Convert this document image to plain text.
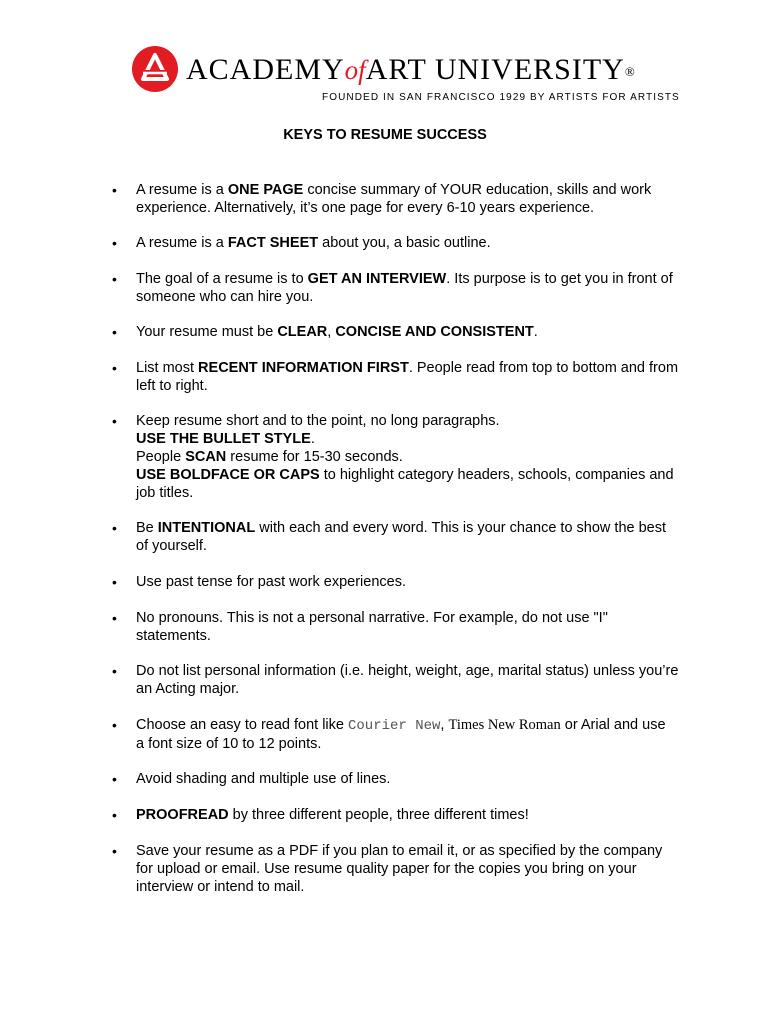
ACADEMYofART UNIVERSITY®
FOUNDED IN SAN FRANCISCO 1929 BY ARTISTS FOR ARTISTS
KEYS TO RESUME SUCCESS
• A resume is a ONE PAGE concise summary of YOUR education, skills and work
experience. Alternatively, it’s one page for every 6-10 years experience.
• A resume is a FACT SHEET about you, a basic outline.
• The goal of a resume is to GET AN INTERVIEW. Its purpose is to get you in front of
someone who can hire you.
• Your resume must be CLEAR, CONCISE AND CONSISTENT.
• List most RECENT INFORMATION FIRST. People read from top to bottom and from
left to right.
• Keep resume short and to the point, no long paragraphs.
USE THE BULLET STYLE.
People SCAN resume for 15-30 seconds.
USE BOLDFACE OR CAPS to highlight category headers, schools, companies and
job titles.
• Be INTENTIONAL with each and every word. This is your chance to show the best
of yourself.
• Use past tense for past work experiences.
• No pronouns. This is not a personal narrative. For example, do not use "I"
statements.
• Do not list personal information (i.e. height, weight, age, marital status) unless you’re
an Acting major.
• Choose an easy to read font like Courier New, Times New Roman or Arial and use
a font size of 10 to 12 points.
• Avoid shading and multiple use of lines.
• PROOFREAD by three different people, three different times!
• Save your resume as a PDF if you plan to email it, or as specified by the company
for upload or email. Use resume quality paper for the copies you bring on your
interview or intend to mail.
